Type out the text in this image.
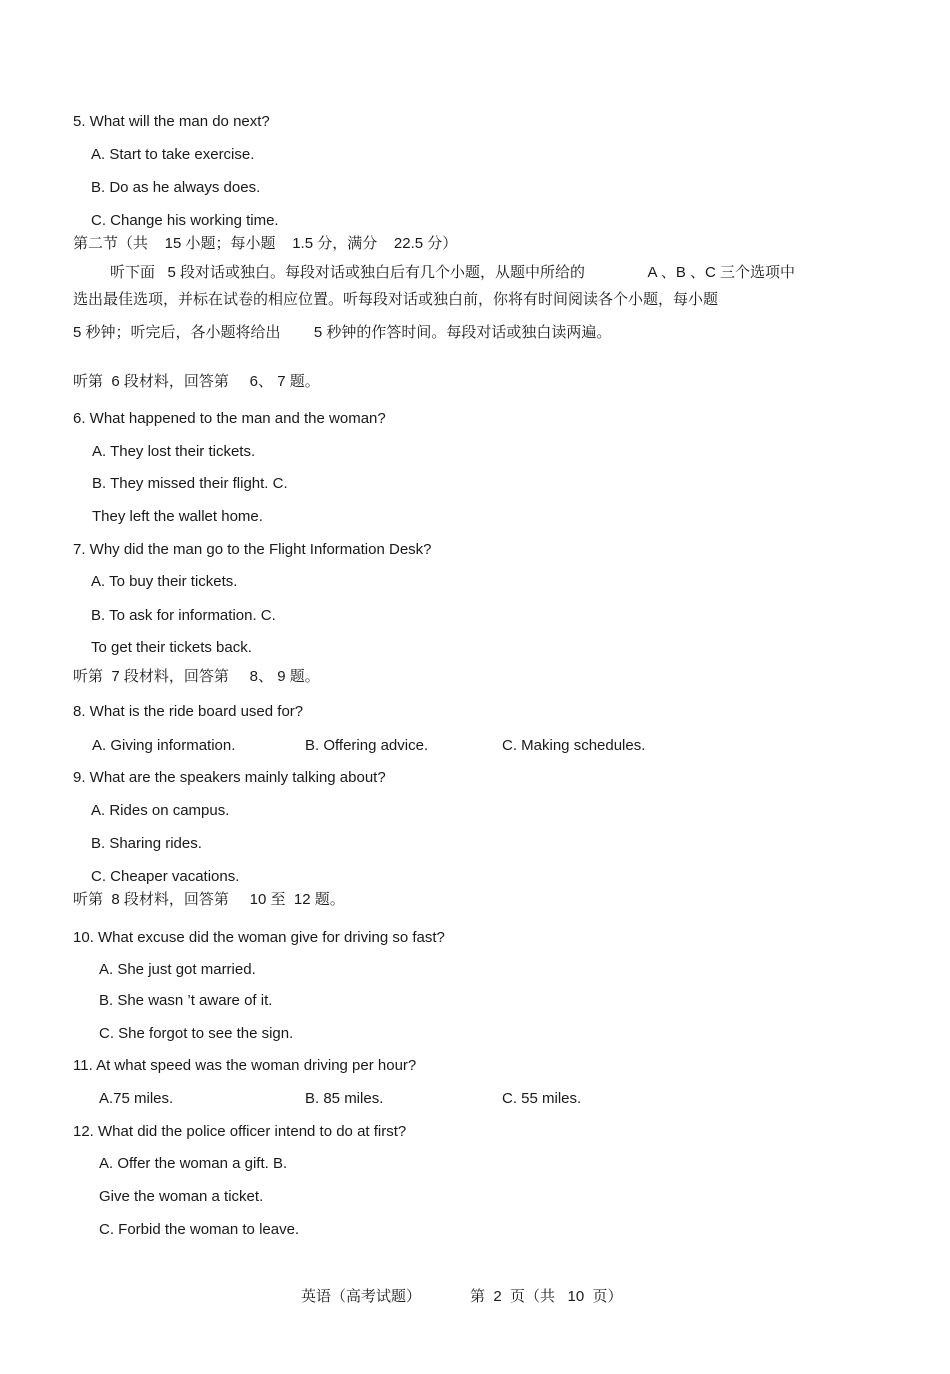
5. What will the man do next?
A. Start to take exercise.
B. Do as he always does.
C. Change his working time.
第二节（共    15 小题；每小题    1.5 分，满分    22.5 分）
听下面   5 段对话或独白。每段对话或独白后有几个小题，从题中所给的               A 、B 、C 三个选项中
选出最佳选项，并标在试卷的相应位置。听每段对话或独白前，你将有时间阅读各个小题，每小题
5 秒钟；听完后，各小题将给出        5 秒钟的作答时间。每段对话或独白读两遍。
听第  6 段材料，回答第     6、 7 题。
6. What happened to the man and the woman?
A. They lost their tickets.
B. They missed their flight. C.
They left the wallet home.
7. Why did the man go to the Flight Information Desk?
A. To buy their tickets.
B. To ask for information. C.
To get their tickets back.
听第  7 段材料，回答第     8、 9 题。
8. What is the ride board used for?
A. Giving information.	B. Offering advice.	C. Making schedules.
9. What are the speakers mainly talking about?
A. Rides on campus.
B. Sharing rides.
C. Cheaper vacations.
听第  8 段材料，回答第     10 至  12 题。
10. What excuse did the woman give for driving so fast?
A. She just got married.
B. She wasn ’t aware of it.
C. She forgot to see the sign.
11. At what speed was the woman driving per hour?
A.75 miles.	B. 85 miles.	C. 55 miles.
12. What did the police officer intend to do at first?
A. Offer the woman a gift. B.
Give the woman a ticket.
C. Forbid the woman to leave.
英语（高考试题）	第  2  页（共   10  页）
